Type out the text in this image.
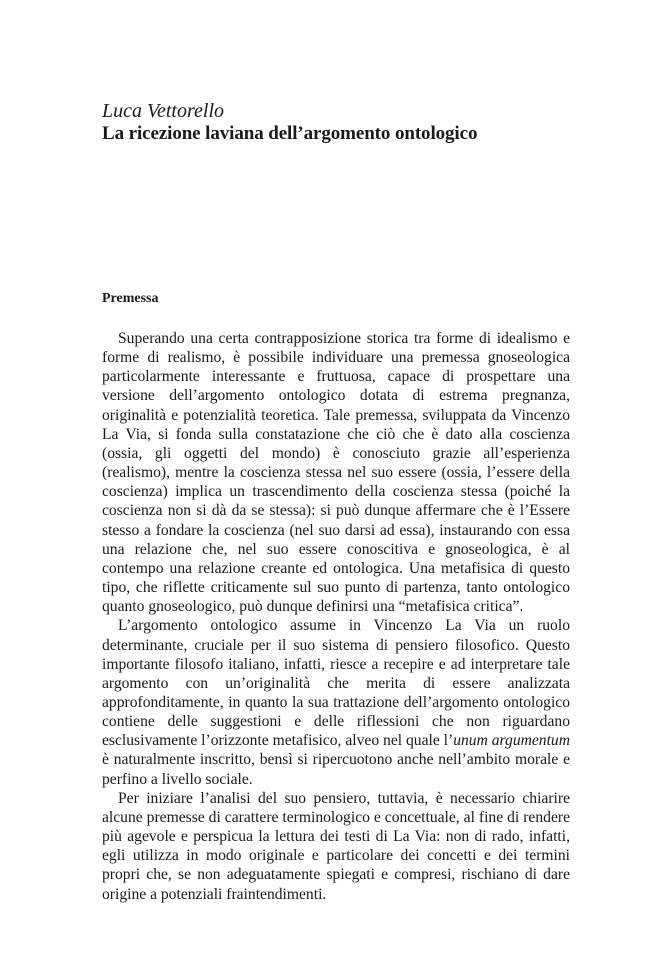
Luca Vettorello
La ricezione laviana dell’argomento ontologico
Premessa

Superando una certa contrapposizione storica tra forme di idealismo e forme di realismo, è possibile individuare una premessa gnoseologica particolarmente interessante e fruttuosa, capace di prospettare una versione dell’argomento ontologico dotata di estrema pregnanza, originalità e potenzialità teoretica. Tale premessa, sviluppata da Vincenzo La Via, si fonda sulla constatazione che ciò che è dato alla coscienza (ossia, gli oggetti del mondo) è conosciuto grazie all’esperienza (realismo), mentre la coscienza stessa nel suo essere (ossia, l’essere della coscienza) implica un trascendimento della coscienza stessa (poiché la coscienza non si dà da se stessa): si può dunque affermare che è l’Essere stesso a fondare la coscienza (nel suo darsi ad essa), instaurando con essa una relazione che, nel suo essere conoscitiva e gnoseologica, è al contempo una relazione creante ed ontologica. Una metafisica di questo tipo, che riflette criticamente sul suo punto di partenza, tanto ontologico quanto gnoseologico, può dunque definirsi una “metafisica critica”.

L’argomento ontologico assume in Vincenzo La Via un ruolo determinante, cruciale per il suo sistema di pensiero filosofico. Questo importante filosofo italiano, infatti, riesce a recepire e ad interpretare tale argomento con un’originalità che merita di essere analizzata approfonditamente, in quanto la sua trattazione dell’argomento ontologico contiene delle suggestioni e delle riflessioni che non riguardano esclusivamente l’orizzonte metafisico, alveo nel quale l’unum argumentum è naturalmente inscritto, bensì si ripercuotono anche nell’ambito morale e perfino a livello sociale.

Per iniziare l’analisi del suo pensiero, tuttavia, è necessario chiarire alcune premesse di carattere terminologico e concettuale, al fine di rendere più agevole e perspicua la lettura dei testi di La Via: non di rado, infatti, egli utilizza in modo originale e particolare dei concetti e dei termini propri che, se non adeguatamente spiegati e compresi, rischiano di dare origine a potenziali fraintendimenti.
